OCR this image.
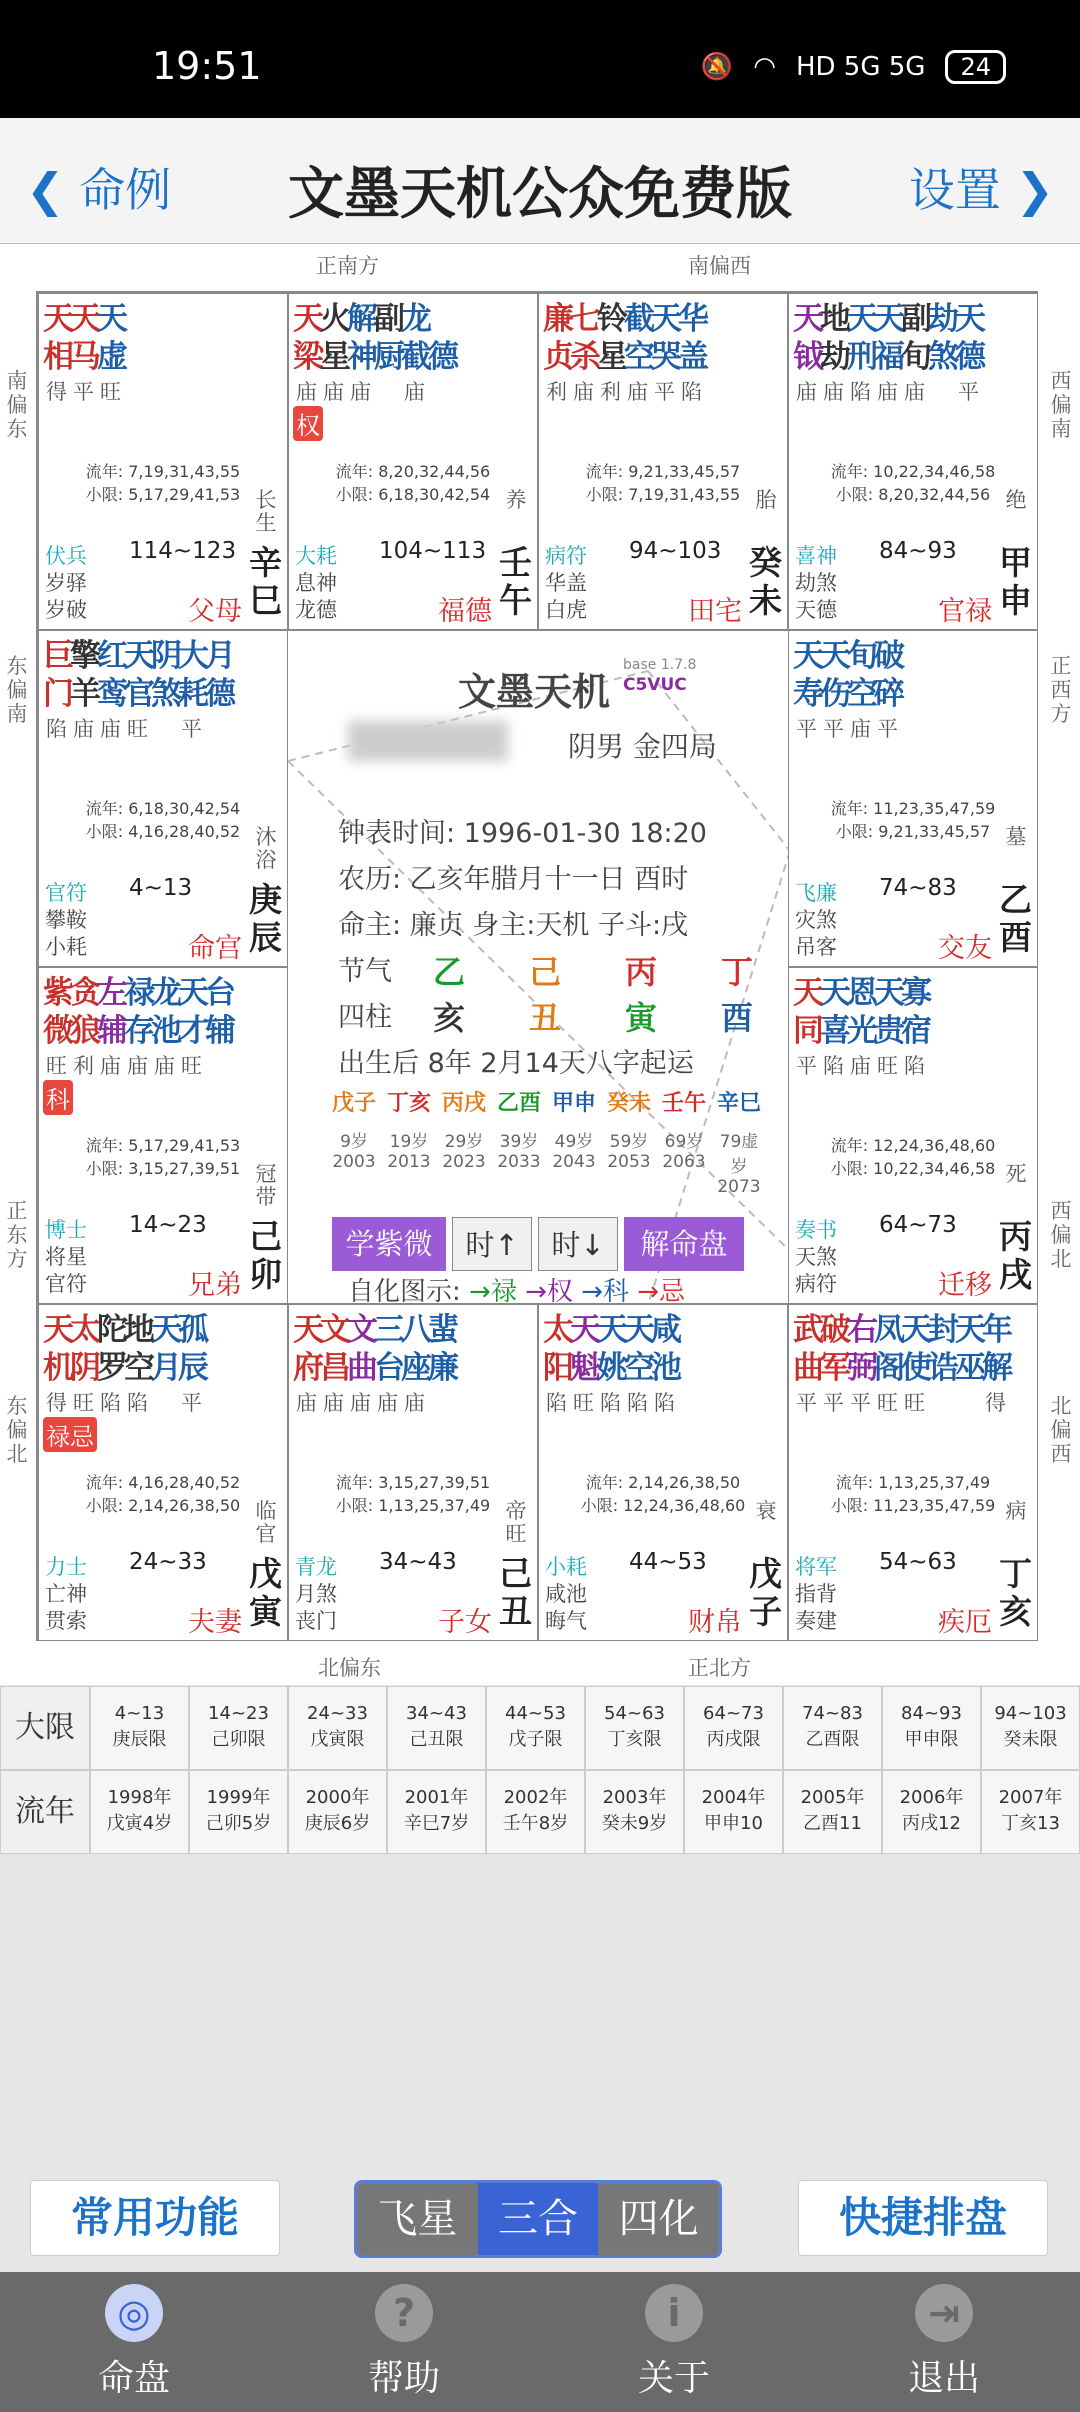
19:51	🔕 ◠ HD 5G 5G	24
❮ 命例	文墨天机公众免费版	设置 ❯
正南方	南偏西
北偏东	正北方
南偏东
东偏南
正东方
东偏北
西偏南
正西方
西偏北
北偏西
文墨天机
base 1.7.8
C5VUC
阴男 金四局
钟表时间: 1996-01-30 18:20
农历: 乙亥年腊月十一日 酉时
命主: 廉贞 身主:天机 子斗:戌
节气 乙 己 丙 丁
四柱 亥 丑 寅 酉
出生后 8年 2月14天八字起运
戊子
9岁
2003
丁亥
19岁
2013
丙戌
29岁
2023
乙酉
39岁
2033
甲申
49岁
2043
癸未
59岁
2053
壬午
69岁
2063
辛巳
79虚岁
2073
学紫微	时↑	时↓	解命盘
自化图示: →禄 →权 →科 →忌
天天天
相马虚
得 平 旺
流年: 7,19,31,43,55
小限: 5,17,29,41,53 长生
伏兵
岁驿
岁破
114~123 辛巳
父母
天火解副龙
梁星神厨截德
庙 庙 庙 庙
权
流年: 8,20,32,44,56
小限: 6,18,30,42,54 养
大耗
息神
龙德
104~113 壬午
福德
廉七铃截天华
贞杀星空哭盖
利 庙 利 庙 平 陷
流年: 9,21,33,45,57
小限: 7,19,31,43,55 胎
病符
华盖
白虎
94~103 癸未
田宅
天地天天副劫天
钺劫刑福旬煞德
庙 庙 陷 庙 庙 平
流年: 10,22,34,46,58
小限: 8,20,32,44,56 绝
喜神
劫煞
天德
84~93 甲申
官禄
巨擎红天阴大月
门羊鸾官煞耗德
陷 庙 庙 旺 平
流年: 6,18,30,42,54
小限: 4,16,28,40,52 沐浴
官符
攀鞍
小耗
4~13 庚辰
命宫
天天旬破
寿伤空碎
平 平 庙 平
流年: 11,23,35,47,59
小限: 9,21,33,45,57 墓
飞廉
灾煞
吊客
74~83 乙酉
交友
紫贪左禄龙天台
微狼辅存池才辅
旺 利 庙 庙 庙 旺
科
流年: 5,17,29,41,53
小限: 3,15,27,39,51 冠带
博士
将星
官符
14~23 己卯
兄弟
天天恩天寡
同喜光贵宿
平 陷 庙 旺 陷
流年: 12,24,36,48,60
小限: 10,22,34,46,58 死
奏书
天煞
病符
64~73 丙戌
迁移
天太陀地天孤
机阴罗空月辰
得 旺 陷 陷 平
禄忌
流年: 4,16,28,40,52
小限: 2,14,26,38,50 临官
力士
亡神
贯索
24~33 戊寅
夫妻
天文文三八蜚
府昌曲台座廉
庙 庙 庙 庙 庙
流年: 3,15,27,39,51
小限: 1,13,25,37,49 帝旺
青龙
月煞
丧门
34~43 己丑
子女
太天天天咸
阳魁姚空池
陷 旺 陷 陷 陷
流年: 2,14,26,38,50
小限: 12,24,36,48,60 衰
小耗
咸池
晦气
44~53 戊子
财帛
武破右凤天封天年
曲军弼阁使诰巫解
平 平 平 旺 旺	得
流年: 1,13,25,37,49
小限: 11,23,35,47,59 病
将军
指背
奏建
54~63 丁亥
疾厄
大限
流年
4~13
庚辰限
14~23
己卯限
24~33
戊寅限
34~43
己丑限
44~53
戊子限
54~63
丁亥限
64~73
丙戌限
74~83
乙酉限
84~93
甲申限
94~103
癸未限
1998年
戊寅4岁
1999年
己卯5岁
2000年
庚辰6岁
2001年
辛巳7岁
2002年
壬午8岁
2003年
癸未9岁
2004年
甲申10
2005年
乙酉11
2006年
丙戌12
2007年
丁亥13
常用功能	飞星	三合	四化	快捷排盘
◎
命盘
?
帮助
i
关于
⇥
退出
